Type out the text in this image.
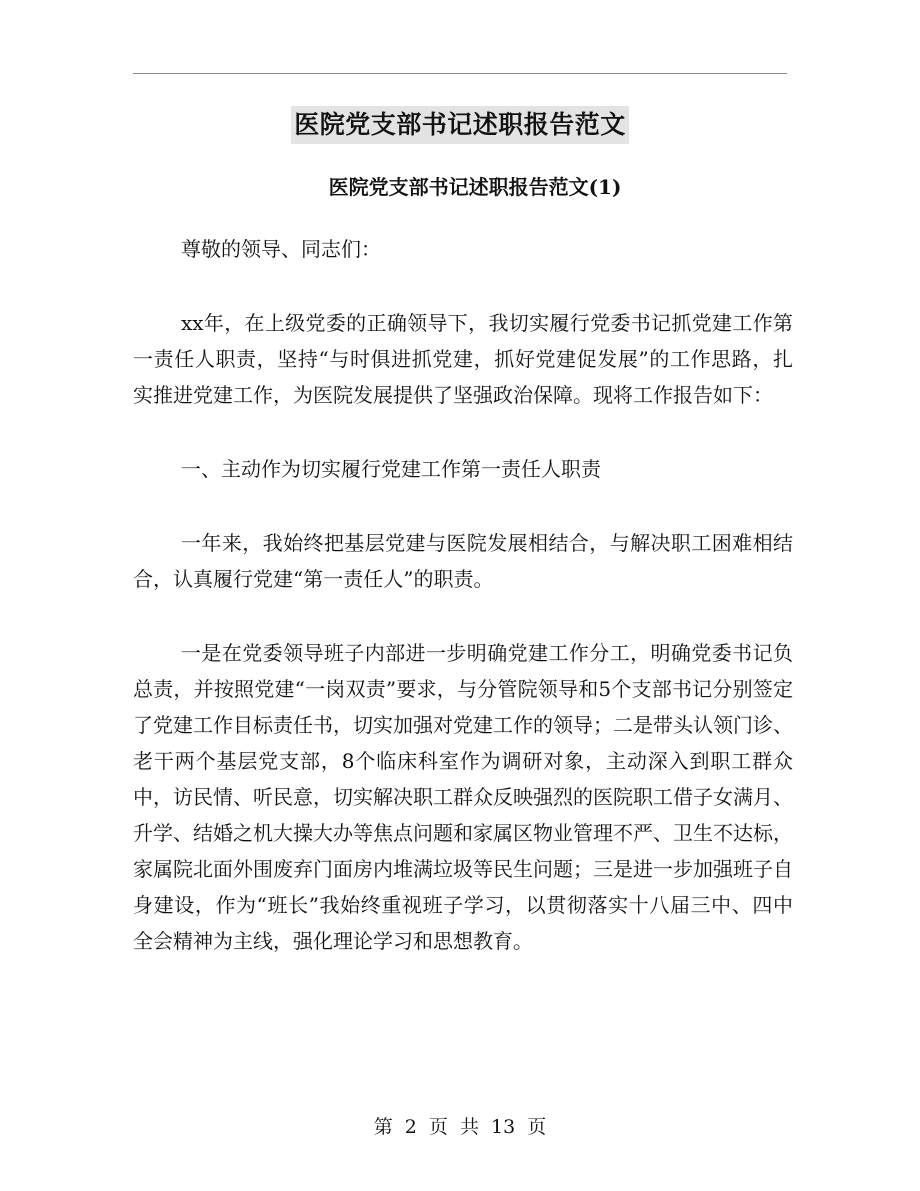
医院党支部书记述职报告范文
医院党支部书记述职报告范文(1)

尊敬的领导、同志们：

xx年，在上级党委的正确领导下，我切实履行党委书记抓党建工作第一责任人职责，坚持“与时俱进抓党建，抓好党建促发展”的工作思路，扎实推进党建工作，为医院发展提供了坚强政治保障。现将工作报告如下：

一、主动作为切实履行党建工作第一责任人职责

一年来，我始终把基层党建与医院发展相结合，与解决职工困难相结合，认真履行党建“第一责任人”的职责。

一是在党委领导班子内部进一步明确党建工作分工，明确党委书记负总责，并按照党建“一岗双责”要求，与分管院领导和5个支部书记分别签定了党建工作目标责任书，切实加强对党建工作的领导；二是带头认领门诊、老干两个基层党支部，8个临床科室作为调研对象，主动深入到职工群众中，访民情、听民意，切实解决职工群众反映强烈的医院职工借子女满月、升学、结婚之机大操大办等焦点问题和家属区物业管理不严、卫生不达标，家属院北面外围废弃门面房内堆满垃圾等民生问题；三是进一步加强班子自身建设，作为“班长”我始终重视班子学习，以贯彻落实十八届三中、四中全会精神为主线，强化理论学习和思想教育。

第 2 页 共 13 页
